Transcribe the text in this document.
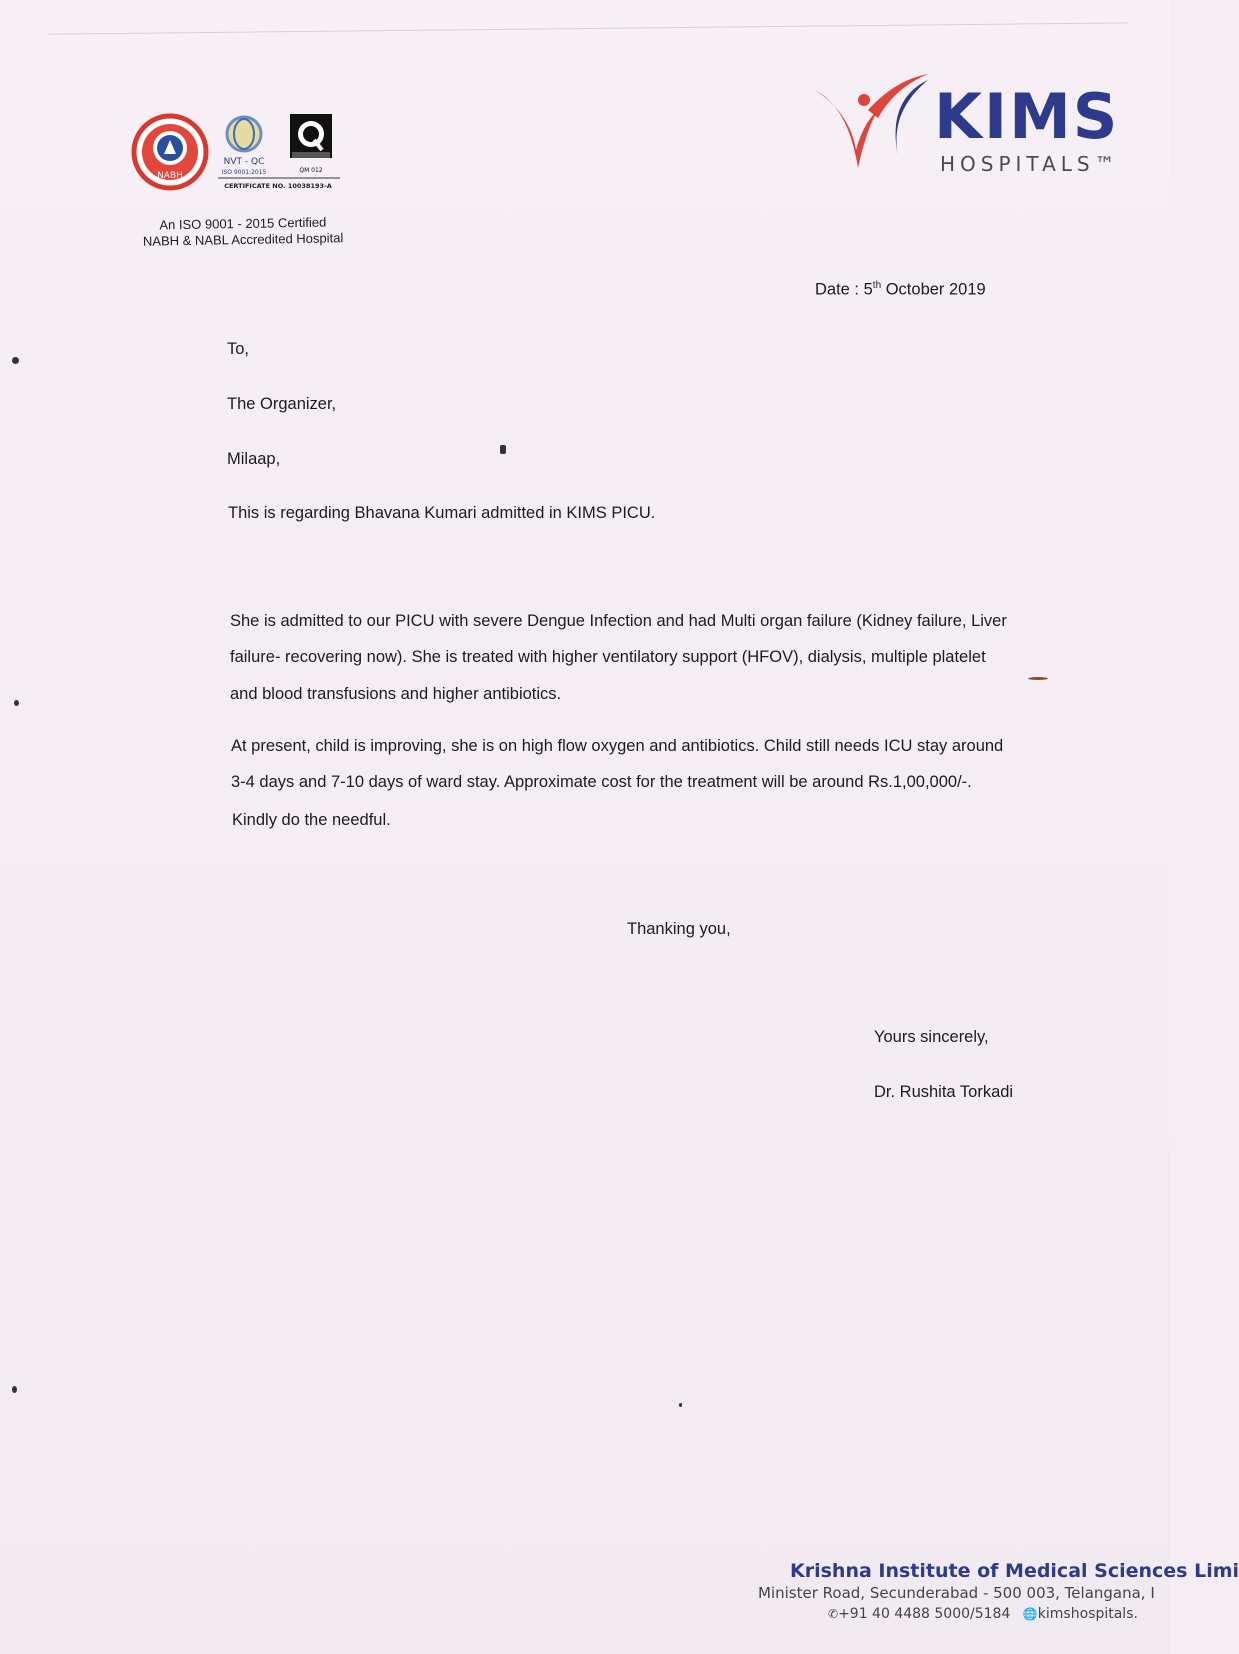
NABH
NVT - QC
ISO 9001:2015	QM 012
CERTIFICATE NO. 10038193-A
An ISO 9001 - 2015 Certified
NABH & NABL Accredited Hospital
KIMS
HOSPITALS™
Date : 5th October 2019
To,
The Organizer,
Milaap,
This is regarding Bhavana Kumari admitted in KIMS PICU.
She is admitted to our PICU with severe Dengue Infection and had Multi organ failure (Kidney failure, Liver
failure- recovering now). She is treated with higher ventilatory support (HFOV), dialysis, multiple platelet
and blood transfusions and higher antibiotics.
At present, child is improving, she is on high flow oxygen and antibiotics. Child still needs ICU stay around
3-4 days and 7-10 days of ward stay. Approximate cost for the treatment will be around Rs.1,00,000/-.
Kindly do the needful.
Thanking you,
Yours sincerely,
Dr. Rushita Torkadi
Krishna Institute of Medical Sciences Limi
Minister Road, Secunderabad - 500 003, Telangana, I
✆+91 40 4488 5000/5184 🌐kimshospitals.
